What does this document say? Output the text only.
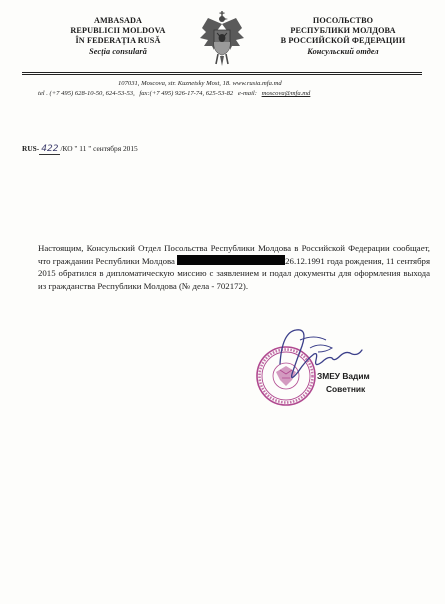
AMBASADA
REPUBLICII MOLDOVA
ÎN FEDERAȚIA RUSĂ
Secția consulară
ПОСОЛЬСТВО
РЕСПУБЛИКИ МОЛДОВА
В РОССИЙСКОЙ ФЕДЕРАЦИИ
Консульский отдел
107031, Moscova, str. Kuznetsky Most, 18. www.rusia.mfa.md
tel . (+7 495) 628-10-50, 624-53-53, fax:(+7 495) 926-17-74, 625-53-82 e-mail: moscova@mfa.md
RUS- 422 /КО " 11 " сентября 2015
Настоящим, Консульский Отдел Посольства Республики Молдова в Российской Федерации сообщает, что гражданин Республики Молдова	26.12.1991 года рождения, 11 сентября 2015 обратился в дипломатическую миссию с заявлением и подал документы для оформления выхода из гражданства Республики Молдова (№ дела - 702172).
ЗМЕУ Вадим
Советник
